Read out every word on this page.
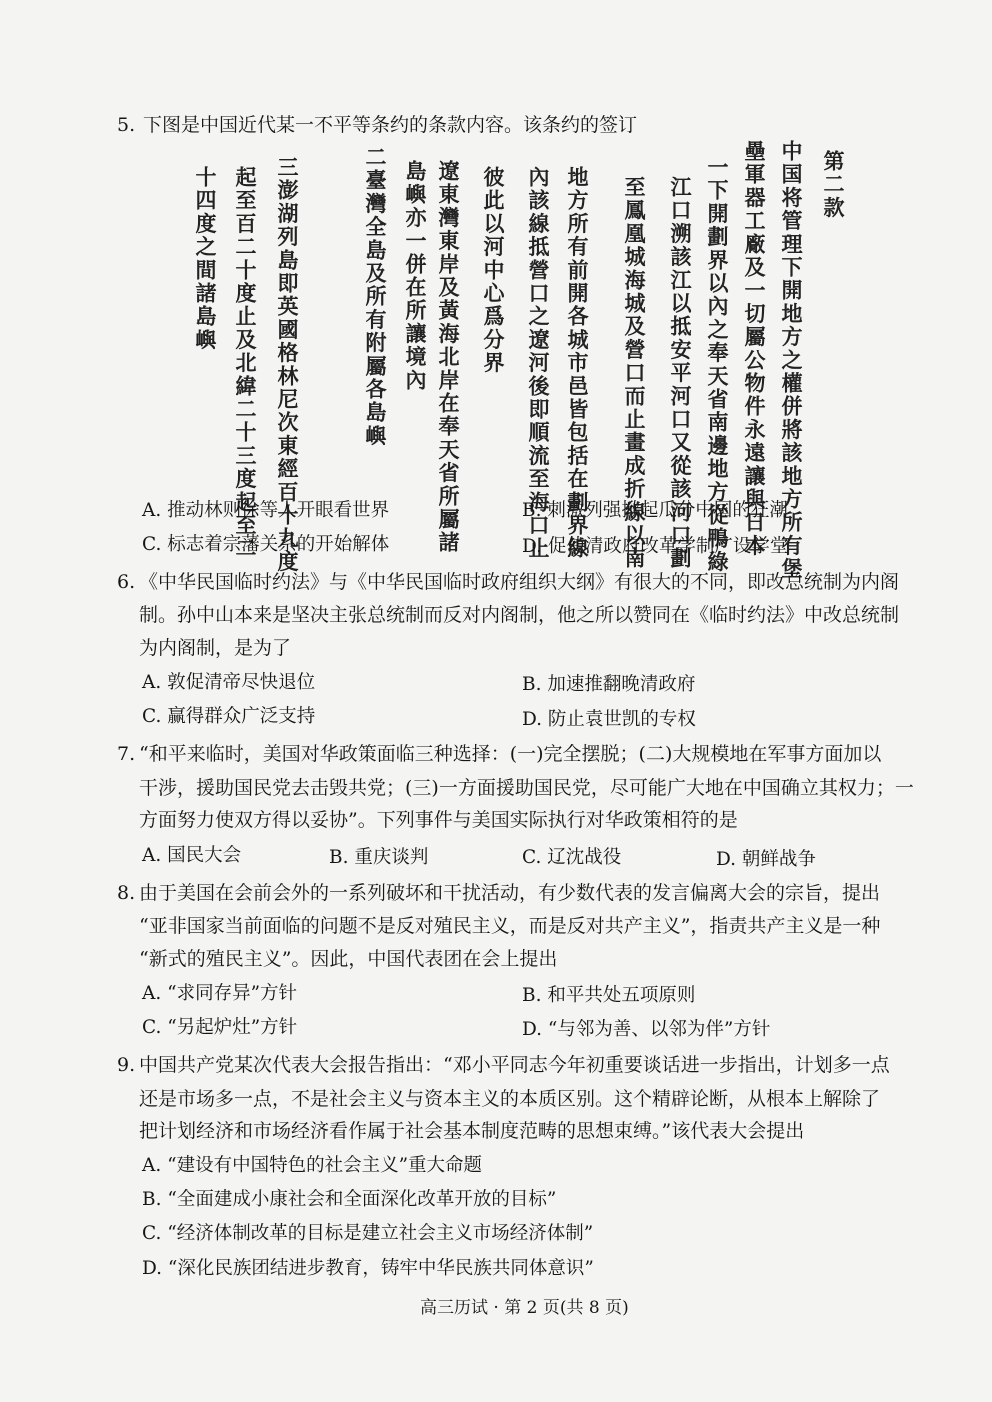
5. 下图是中国近代某一不平等条约的条款内容。该条约的签订
第二款
中国将管理下開地方之權併將該地方所有堡
壘軍器工廠及一切屬公物件永遠讓與日本
一下開劃界以內之奉天省南邊地方從鴨綠
江口溯該江以抵安平河口又從該河口劃
至鳳凰城海城及營口而止畫成折線以南
地方所有前開各城市邑皆包括在劃界線
內該線抵營口之遼河後即順流至海口止
彼此以河中心爲分界
遼東灣東岸及黃海北岸在奉天省所屬諸
島嶼亦一併在所讓境內
二臺灣全島及所有附屬各島嶼
三澎湖列島即英國格林尼次東經百十九度
起至百二十度止及北緯二十三度起至二
十四度之間諸島嶼
A. 推动林则徐等人开眼看世界	B. 刺激列强掀起瓜分中国的狂潮
C. 标志着宗藩关系的开始解体	D. 促使清政府改革学制广设学堂
6. 《中华民国临时约法》与《中华民国临时政府组织大纲》有很大的不同，即改总统制为内阁
制。孙中山本来是坚决主张总统制而反对内阁制，他之所以赞同在《临时约法》中改总统制
为内阁制，是为了
A. 敦促清帝尽快退位	B. 加速推翻晚清政府
C. 赢得群众广泛支持	D. 防止袁世凯的专权
7. “和平来临时，美国对华政策面临三种选择：(一)完全摆脱；(二)大规模地在军事方面加以
干涉，援助国民党去击毁共党；(三)一方面援助国民党，尽可能广大地在中国确立其权力；一
方面努力使双方得以妥协”。下列事件与美国实际执行对华政策相符的是
A. 国民大会	B. 重庆谈判	C. 辽沈战役	D. 朝鲜战争
8. 由于美国在会前会外的一系列破坏和干扰活动，有少数代表的发言偏离大会的宗旨，提出
“亚非国家当前面临的问题不是反对殖民主义，而是反对共产主义”，指责共产主义是一种
“新式的殖民主义”。因此，中国代表团在会上提出
A. “求同存异”方针	B. 和平共处五项原则
C. “另起炉灶”方针	D. “与邻为善、以邻为伴”方针
9. 中国共产党某次代表大会报告指出：“邓小平同志今年初重要谈话进一步指出，计划多一点
还是市场多一点，不是社会主义与资本主义的本质区别。这个精辟论断，从根本上解除了
把计划经济和市场经济看作属于社会基本制度范畴的思想束缚。”该代表大会提出
A. “建设有中国特色的社会主义”重大命题
B. “全面建成小康社会和全面深化改革开放的目标”
C. “经济体制改革的目标是建立社会主义市场经济体制”
D. “深化民族团结进步教育，铸牢中华民族共同体意识”
高三历试 · 第 2 页(共 8 页)
